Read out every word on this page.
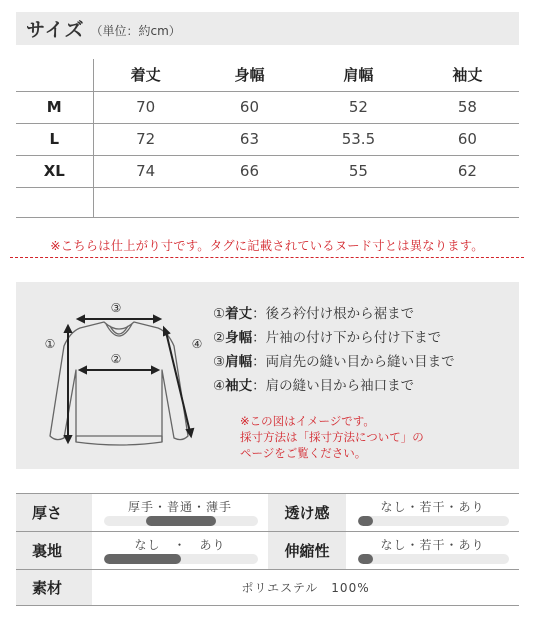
サイズ （単位：約cm）
	着丈	身幅	肩幅	袖丈
M	70	60	52	58
L	72	63	53.5	60
XL	74	66	55	62

※こちらは仕上がり寸です。タグに記載されているヌード寸とは異なります。
③
②
①	④
①着丈：後ろ衿付け根から裾まで
②身幅：片袖の付け下から付け下まで
③肩幅：両肩先の縫い目から縫い目まで
④袖丈：肩の縫い目から袖口まで
※この図はイメージです。
採寸方法は「採寸方法について」の
ページをご覧ください。
厚さ	厚手・普通・薄手	透け感	なし・若干・あり
裏地	なし　・　あり	伸縮性	なし・若干・あり
素材	ポリエステル　100%
